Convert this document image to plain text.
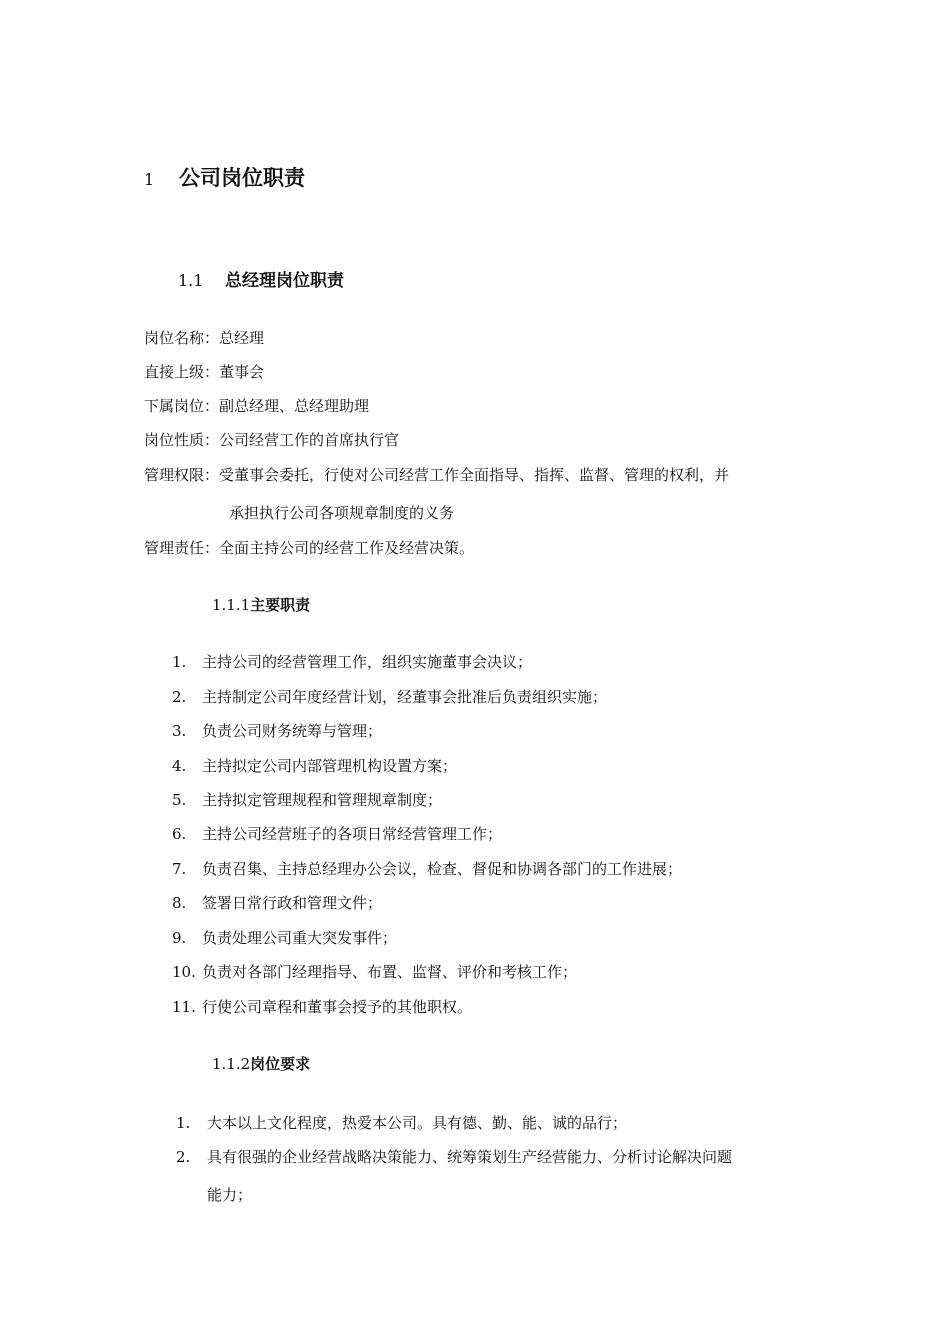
1 公司岗位职责
1.1 总经理岗位职责
岗位名称：总经理
直接上级：董事会
下属岗位：副总经理、总经理助理
岗位性质：公司经营工作的首席执行官
管理权限：受董事会委托，行使对公司经营工作全面指导、指挥、监督、管理的权利，并
承担执行公司各项规章制度的义务
管理责任：全面主持公司的经营工作及经营决策。
1.1.1主要职责
1. 主持公司的经营管理工作，组织实施董事会决议；
2. 主持制定公司年度经营计划，经董事会批准后负责组织实施；
3. 负责公司财务统筹与管理；
4. 主持拟定公司内部管理机构设置方案；
5. 主持拟定管理规程和管理规章制度；
6. 主持公司经营班子的各项日常经营管理工作；
7. 负责召集、主持总经理办公会议，检查、督促和协调各部门的工作进展；
8. 签署日常行政和管理文件；
9. 负责处理公司重大突发事件；
10. 负责对各部门经理指导、布置、监督、评价和考核工作；
11. 行使公司章程和董事会授予的其他职权。
1.1.2岗位要求
1. 大本以上文化程度，热爱本公司。具有德、勤、能、诚的品行；
2. 具有很强的企业经营战略决策能力、统筹策划生产经营能力、分析讨论解决问题
能力；
